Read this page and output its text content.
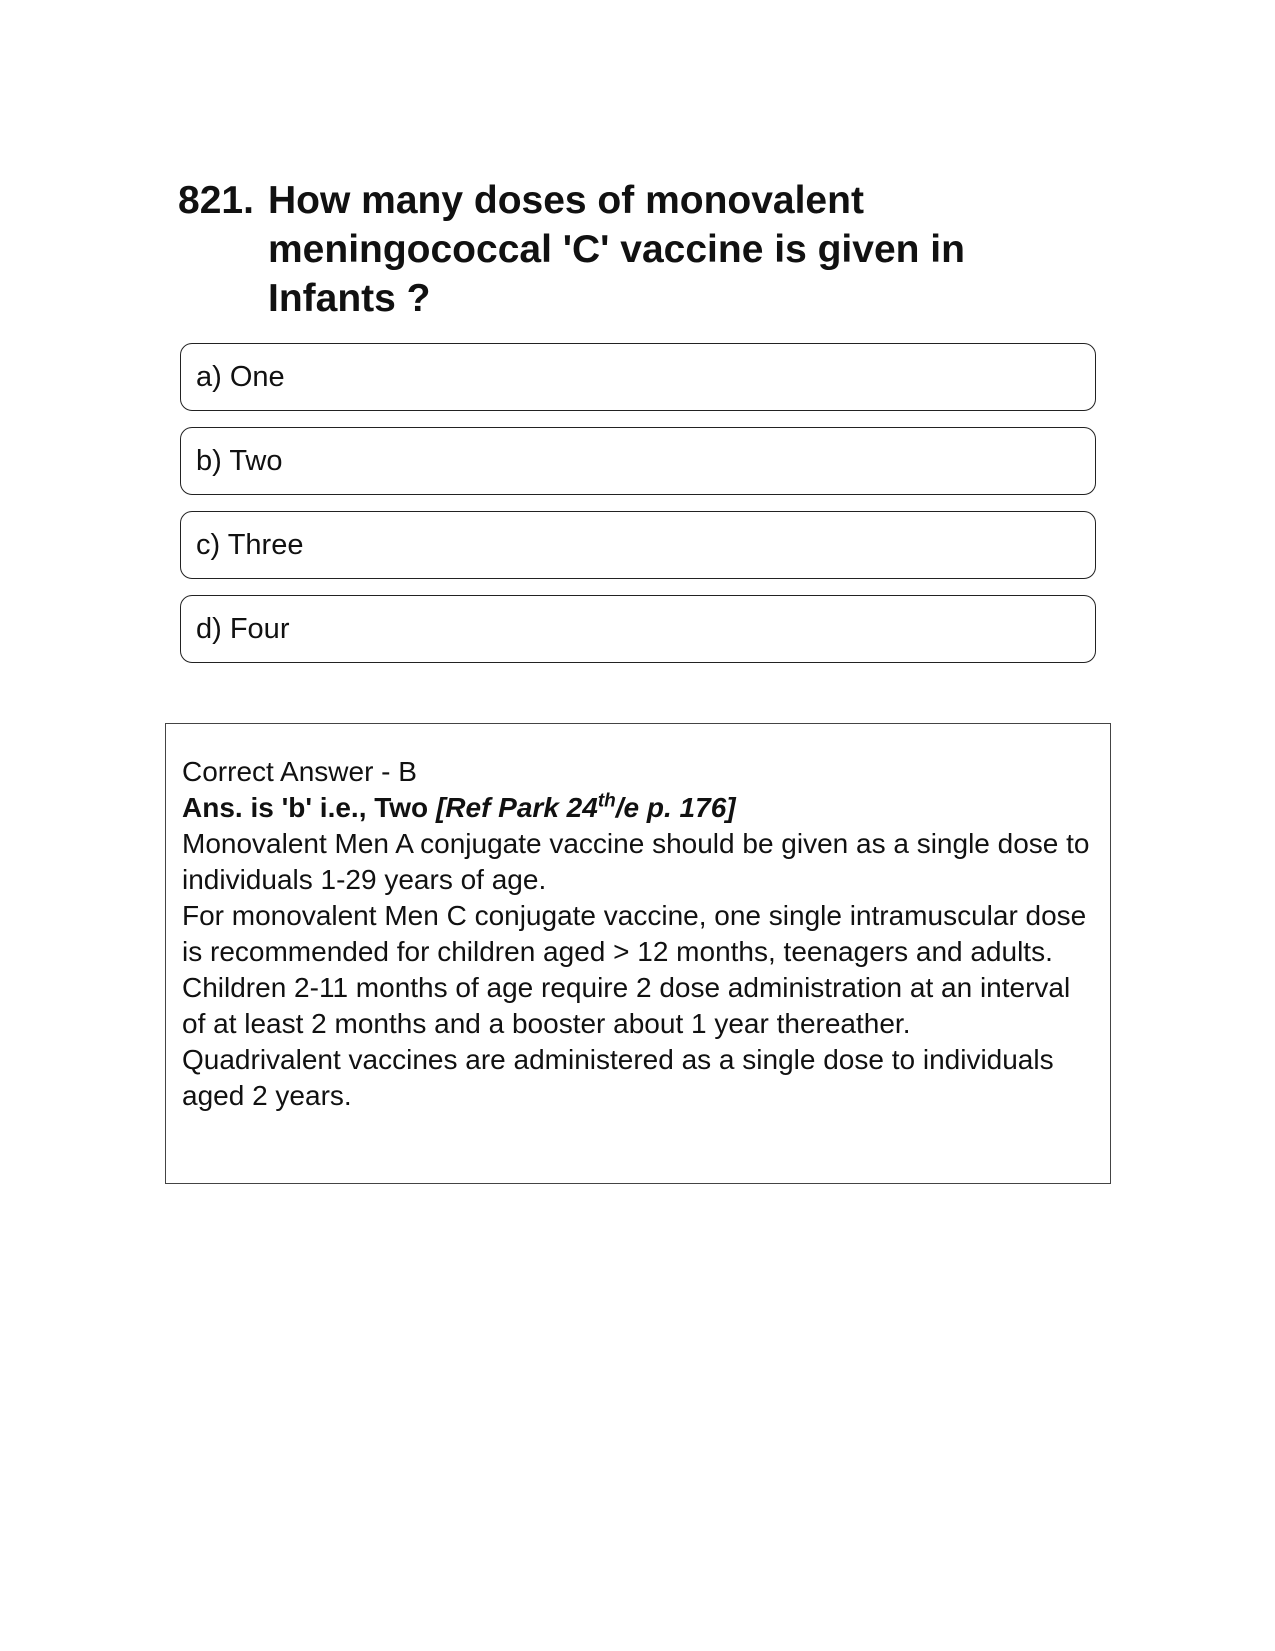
821. How many doses of monovalent meningococcal 'C' vaccine is given in Infants ?
a) One
b) Two
c) Three
d) Four

Correct Answer - B

Ans. is 'b' i.e., Two [Ref Park 24th/e p. 176]

Monovalent Men A conjugate vaccine should be given as a single dose to individuals 1-29 years of age.

For monovalent Men C conjugate vaccine, one single intramuscular dose is recommended for children aged > 12 months, teenagers and adults.

Children 2-11 months of age require 2 dose administration at an interval of at least 2 months and a booster about 1 year thereather.

Quadrivalent vaccines are administered as a single dose to individuals aged 2 years.
